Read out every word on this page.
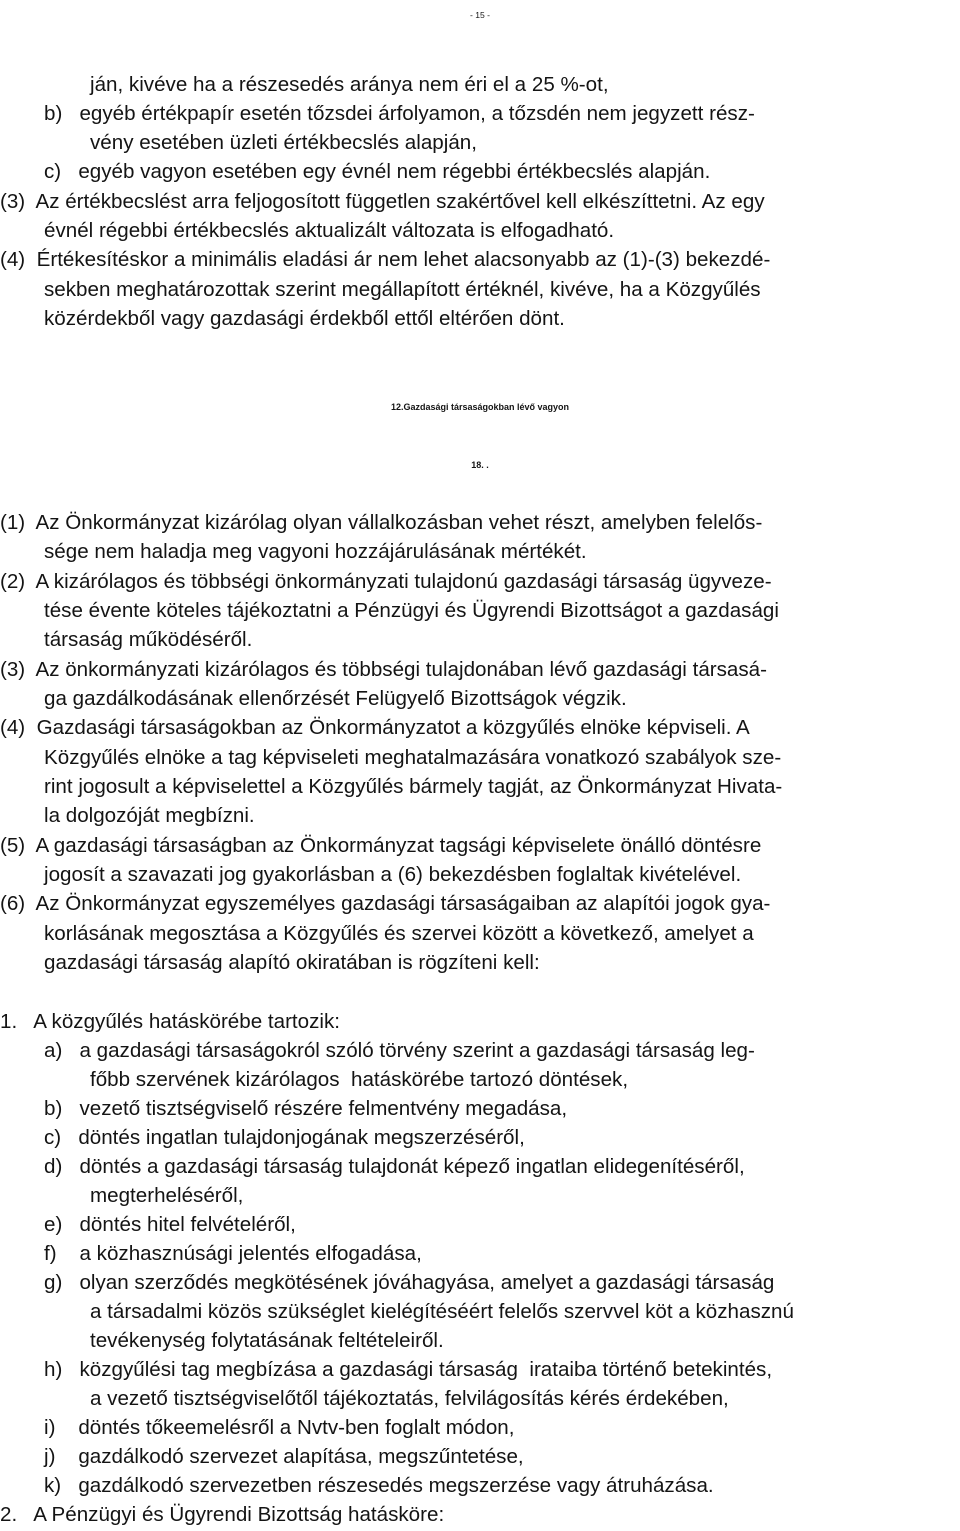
- 15 -

ján, kivéve ha a részesedés aránya nem éri el a 25 %-ot,

b)   egyéb értékpapír esetén tőzsdei árfolyamon, a tőzsdén nem jegyzett rész-

vény esetében üzleti értékbecslés alapján,

c)   egyéb vagyon esetében egy évnél nem régebbi értékbecslés alapján.

(3)  Az értékbecslést arra feljogosított független szakértővel kell elkészíttetni. Az egy

évnél régebbi értékbecslés aktualizált változata is elfogadható.

(4)  Értékesítéskor a minimális eladási ár nem lehet alacsonyabb az (1)-(3) bekezdé-

sekben meghatározottak szerint megállapított értéknél, kivéve, ha a Közgyűlés

közérdekből vagy gazdasági érdekből ettől eltérően dönt.

12.Gazdasági társaságokban lévő vagyon

18. .

(1)  Az Önkormányzat kizárólag olyan vállalkozásban vehet részt, amelyben felelős-

sége nem haladja meg vagyoni hozzájárulásának mértékét.

(2)  A kizárólagos és többségi önkormányzati tulajdonú gazdasági társaság ügyveze-

tése évente köteles tájékoztatni a Pénzügyi és Ügyrendi Bizottságot a gazdasági

társaság működéséről.

(3)  Az önkormányzati kizárólagos és többségi tulajdonában lévő gazdasági társasá-

ga gazdálkodásának ellenőrzését Felügyelő Bizottságok végzik.

(4)  Gazdasági társaságokban az Önkormányzatot a közgyűlés elnöke képviseli. A

Közgyűlés elnöke a tag képviseleti meghatalmazására vonatkozó szabályok sze-

rint jogosult a képviselettel a Közgyűlés bármely tagját, az Önkormányzat Hivata-

la dolgozóját megbízni.

(5)  A gazdasági társaságban az Önkormányzat tagsági képviselete önálló döntésre

jogosít a szavazati jog gyakorlásban a (6) bekezdésben foglaltak kivételével.

(6)  Az Önkormányzat egyszemélyes gazdasági társaságaiban az alapítói jogok gya-

korlásának megosztása a Közgyűlés és szervei között a következő, amelyet a

gazdasági társaság alapító okiratában is rögzíteni kell:

1.   A közgyűlés hatáskörébe tartozik:

a)   a gazdasági társaságokról szóló törvény szerint a gazdasági társaság leg-

főbb szervének kizárólagos  hatáskörébe tartozó döntések,

b)   vezető tisztségviselő részére felmentvény megadása,

c)   döntés ingatlan tulajdonjogának megszerzéséről,

d)   döntés a gazdasági társaság tulajdonát képező ingatlan elidegenítéséről,

megterheléséről,

e)   döntés hitel felvételéről,

f)    a közhasznúsági jelentés elfogadása,

g)   olyan szerződés megkötésének jóváhagyása, amelyet a gazdasági társaság

a társadalmi közös szükséglet kielégítéséért felelős szervvel köt a közhasznú

tevékenység folytatásának feltételeiről.

h)   közgyűlési tag megbízása a gazdasági társaság  irataiba történő betekintés,

a vezető tisztségviselőtől tájékoztatás, felvilágosítás kérés érdekében,

i)    döntés tőkeemelésről a Nvtv-ben foglalt módon,

j)    gazdálkodó szervezet alapítása, megszűntetése,

k)   gazdálkodó szervezetben részesedés megszerzése vagy átruházása.

2.   A Pénzügyi és Ügyrendi Bizottság hatásköre:
